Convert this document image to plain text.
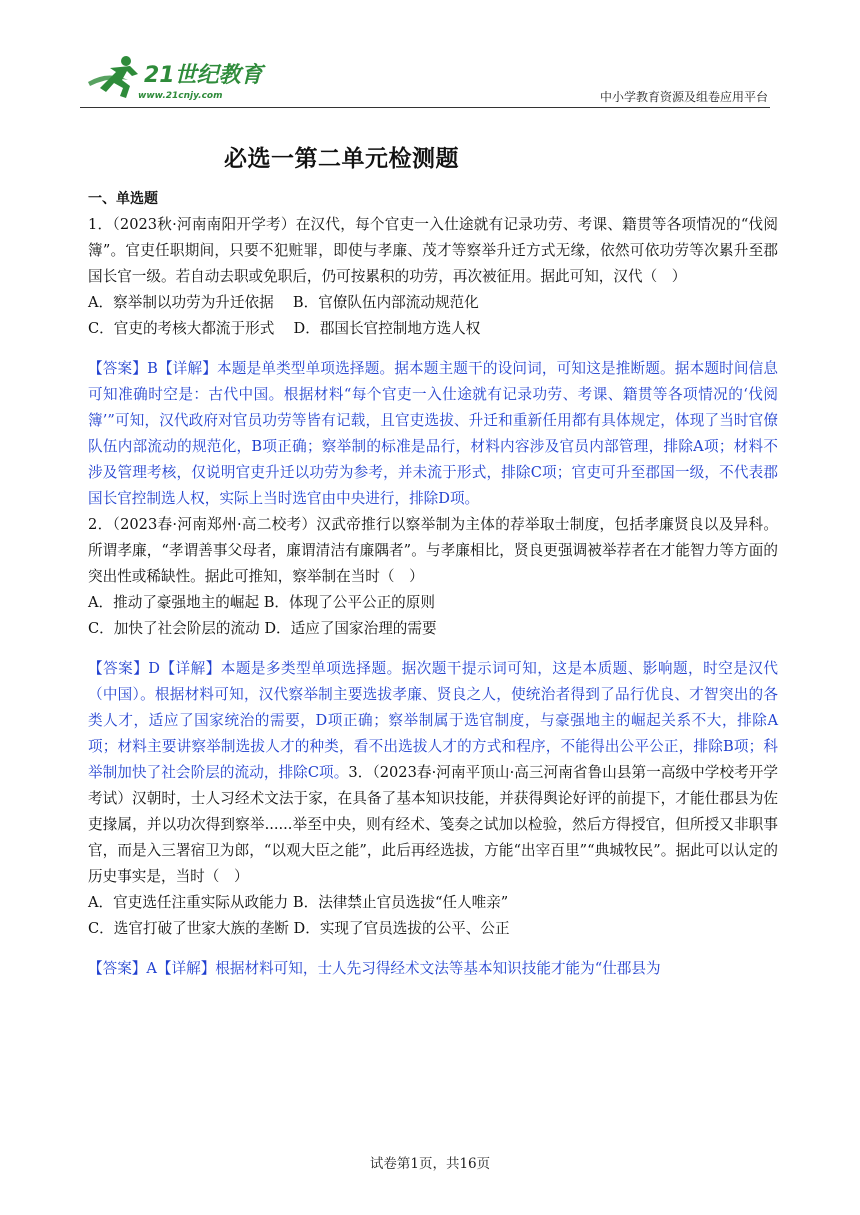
21世纪教育
www.21cnjy.com	中小学教育资源及组卷应用平台
必选一第二单元检测题
一、单选题

1．（2023秋·河南南阳开学考）在汉代，每个官吏一入仕途就有记录功劳、考课、籍贯等各项情况的“伐阅簿”。官吏任职期间，只要不犯赃罪，即使与孝廉、茂才等察举升迁方式无缘，依然可依功劳等次累升至郡国长官一级。若自动去职或免职后，仍可按累积的功劳，再次被征用。据此可知，汉代（　）

A．察举制以功劳为升迁依据　 B．官僚队伍内部流动规范化

C．官吏的考核大都流于形式　 D．郡国长官控制地方选人权

【答案】B【详解】本题是单类型单项选择题。据本题主题干的设问词，可知这是推断题。据本题时间信息可知准确时空是：古代中国。根据材料“每个官吏一入仕途就有记录功劳、考课、籍贯等各项情况的‘伐阅簿’”可知，汉代政府对官员功劳等皆有记载，且官吏选拔、升迁和重新任用都有具体规定，体现了当时官僚队伍内部流动的规范化，B项正确；察举制的标准是品行，材料内容涉及官员内部管理，排除A项；材料不涉及管理考核，仅说明官吏升迁以功劳为参考，并未流于形式，排除C项；官吏可升至郡国一级，不代表郡国长官控制选人权，实际上当时选官由中央进行，排除D项。

2．（2023春·河南郑州·高二校考）汉武帝推行以察举制为主体的荐举取士制度，包括孝廉贤良以及异科。所谓孝廉，“孝谓善事父母者，廉谓清洁有廉隅者”。与孝廉相比，贤良更强调被举荐者在才能智力等方面的突出性或稀缺性。据此可推知，察举制在当时（　）

A．推动了豪强地主的崛起 B．体现了公平公正的原则

C．加快了社会阶层的流动 D．适应了国家治理的需要

【答案】D【详解】本题是多类型单项选择题。据次题干提示词可知，这是本质题、影响题，时空是汉代（中国）。根据材料可知，汉代察举制主要选拔孝廉、贤良之人，使统治者得到了品行优良、才智突出的各类人才，适应了国家统治的需要，D项正确；察举制属于选官制度，与豪强地主的崛起关系不大，排除A项；材料主要讲察举制选拔人才的种类，看不出选拔人才的方式和程序，不能得出公平公正，排除B项；科举制加快了社会阶层的流动，排除C项。3．（2023春·河南平顶山·高三河南省鲁山县第一高级中学校考开学考试）汉朝时，士人习经术文法于家，在具备了基本知识技能，并获得舆论好评的前提下，才能仕郡县为佐吏掾属，并以功次得到察举......举至中央，则有经术、笺奏之试加以检验，然后方得授官，但所授又非职事官，而是入三署宿卫为郎，“以观大臣之能”，此后再经选拔，方能“出宰百里”“典城牧民”。据此可以认定的历史事实是，当时（　）

A．官吏选任注重实际从政能力 B．法律禁止官员选拔“任人唯亲”

C．选官打破了世家大族的垄断 D．实现了官员选拔的公平、公正

【答案】A【详解】根据材料可知，士人先习得经术文法等基本知识技能才能为“仕郡县为

试卷第1页，共16页
